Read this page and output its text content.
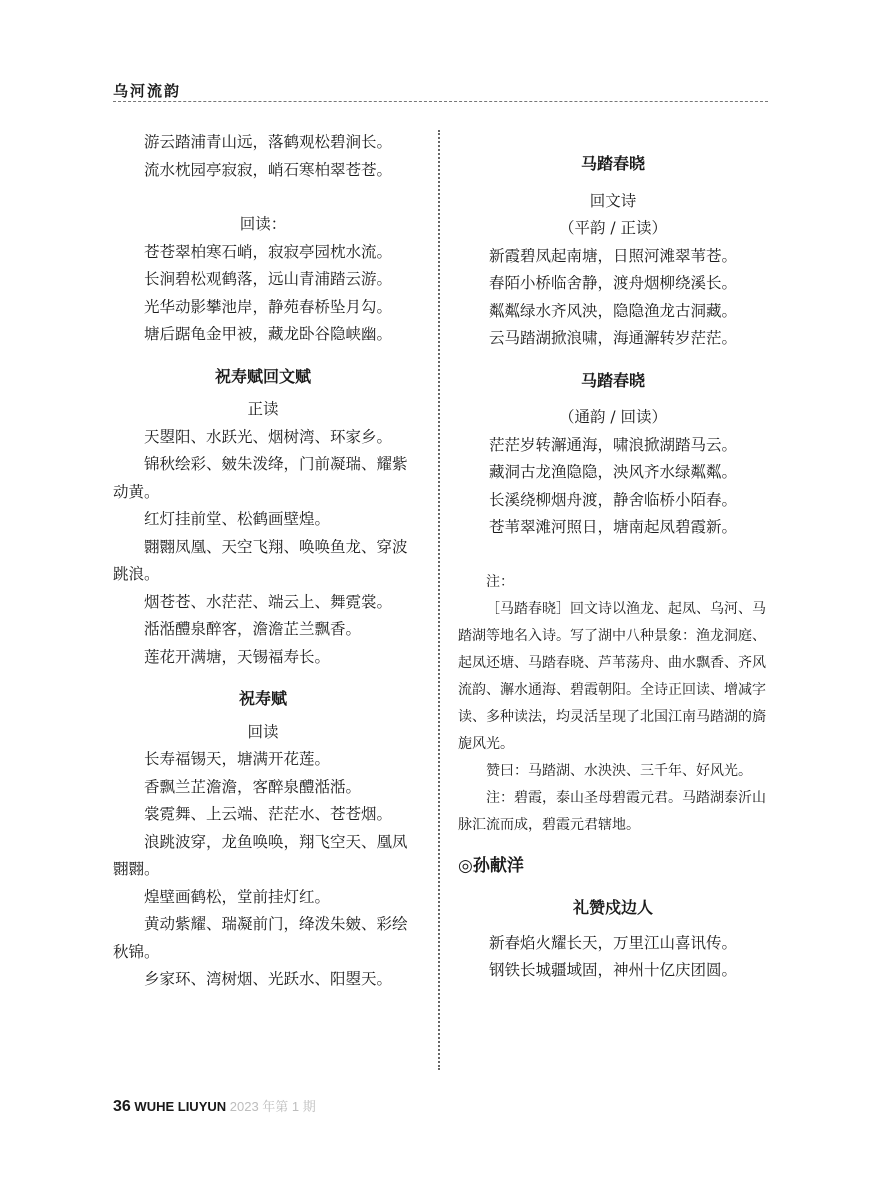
乌河流韵
游云踏浦青山远，落鹤观松碧涧长。
流水枕园亭寂寂，峭石寒柏翠苍苍。
回读：
苍苍翠柏寒石峭，寂寂亭园枕水流。
长涧碧松观鹤落，远山青浦踏云游。
光华动影攀池岸，静苑春桥坠月勾。
塘后踞龟金甲被，藏龙卧谷隐峡幽。
祝寿赋回文赋
正读
天曌阳、水跃光、烟树湾、环家乡。
锦秋绘彩、皴朱泼绛，门前凝瑞、耀紫动黄。
红灯挂前堂、松鹤画壁煌。
翾翾凤凰、天空飞翔、唤唤鱼龙、穿波跳浪。
烟苍苍、水茫茫、端云上、舞霓裳。
湉湉醴泉醉客，澹澹芷兰飘香。
莲花开满塘，天锡福寿长。
祝寿赋
回读
长寿福锡天，塘满开花莲。
香飘兰芷澹澹，客醉泉醴湉湉。
裳霓舞、上云端、茫茫水、苍苍烟。
浪跳波穿，龙鱼唤唤，翔飞空天、凰凤翾翾。
煌壁画鹤松，堂前挂灯红。
黄动紫耀、瑞凝前门，绛泼朱皴、彩绘秋锦。
乡家环、湾树烟、光跃水、阳曌天。
马踏春晓
回文诗
（平韵 / 正读）
新霞碧凤起南塘，日照河滩翠苇苍。
春陌小桥临舍静，渡舟烟柳绕溪长。
粼粼绿水齐风泱，隐隐渔龙古洞藏。
云马踏湖掀浪啸，海通澥转岁茫茫。
马踏春晓
（通韵 / 回读）
茫茫岁转澥通海，啸浪掀湖踏马云。
藏洞古龙渔隐隐，泱风齐水绿粼粼。
长溪绕柳烟舟渡，静舍临桥小陌春。
苍苇翠滩河照日，塘南起凤碧霞新。
注：
［马踏春晓］回文诗以渔龙、起凤、乌河、马踏湖等地名入诗。写了湖中八种景象：渔龙洞庭、起凤还塘、马踏春晓、芦苇荡舟、曲水飘香、齐风流韵、澥水通海、碧霞朝阳。全诗正回读、增减字读、多种读法，均灵活呈现了北国江南马踏湖的旖旎风光。
赞曰：马踏湖、水泱泱、三千年、好风光。
注：碧霞，泰山圣母碧霞元君。马踏湖泰沂山脉汇流而成，碧霞元君辖地。
◎孙献洋
礼赞戍边人
新春焰火耀长天，万里江山喜讯传。
钢铁长城疆域固，神州十亿庆团圆。
36 WUHE LIUYUN 2023 年第 1 期
